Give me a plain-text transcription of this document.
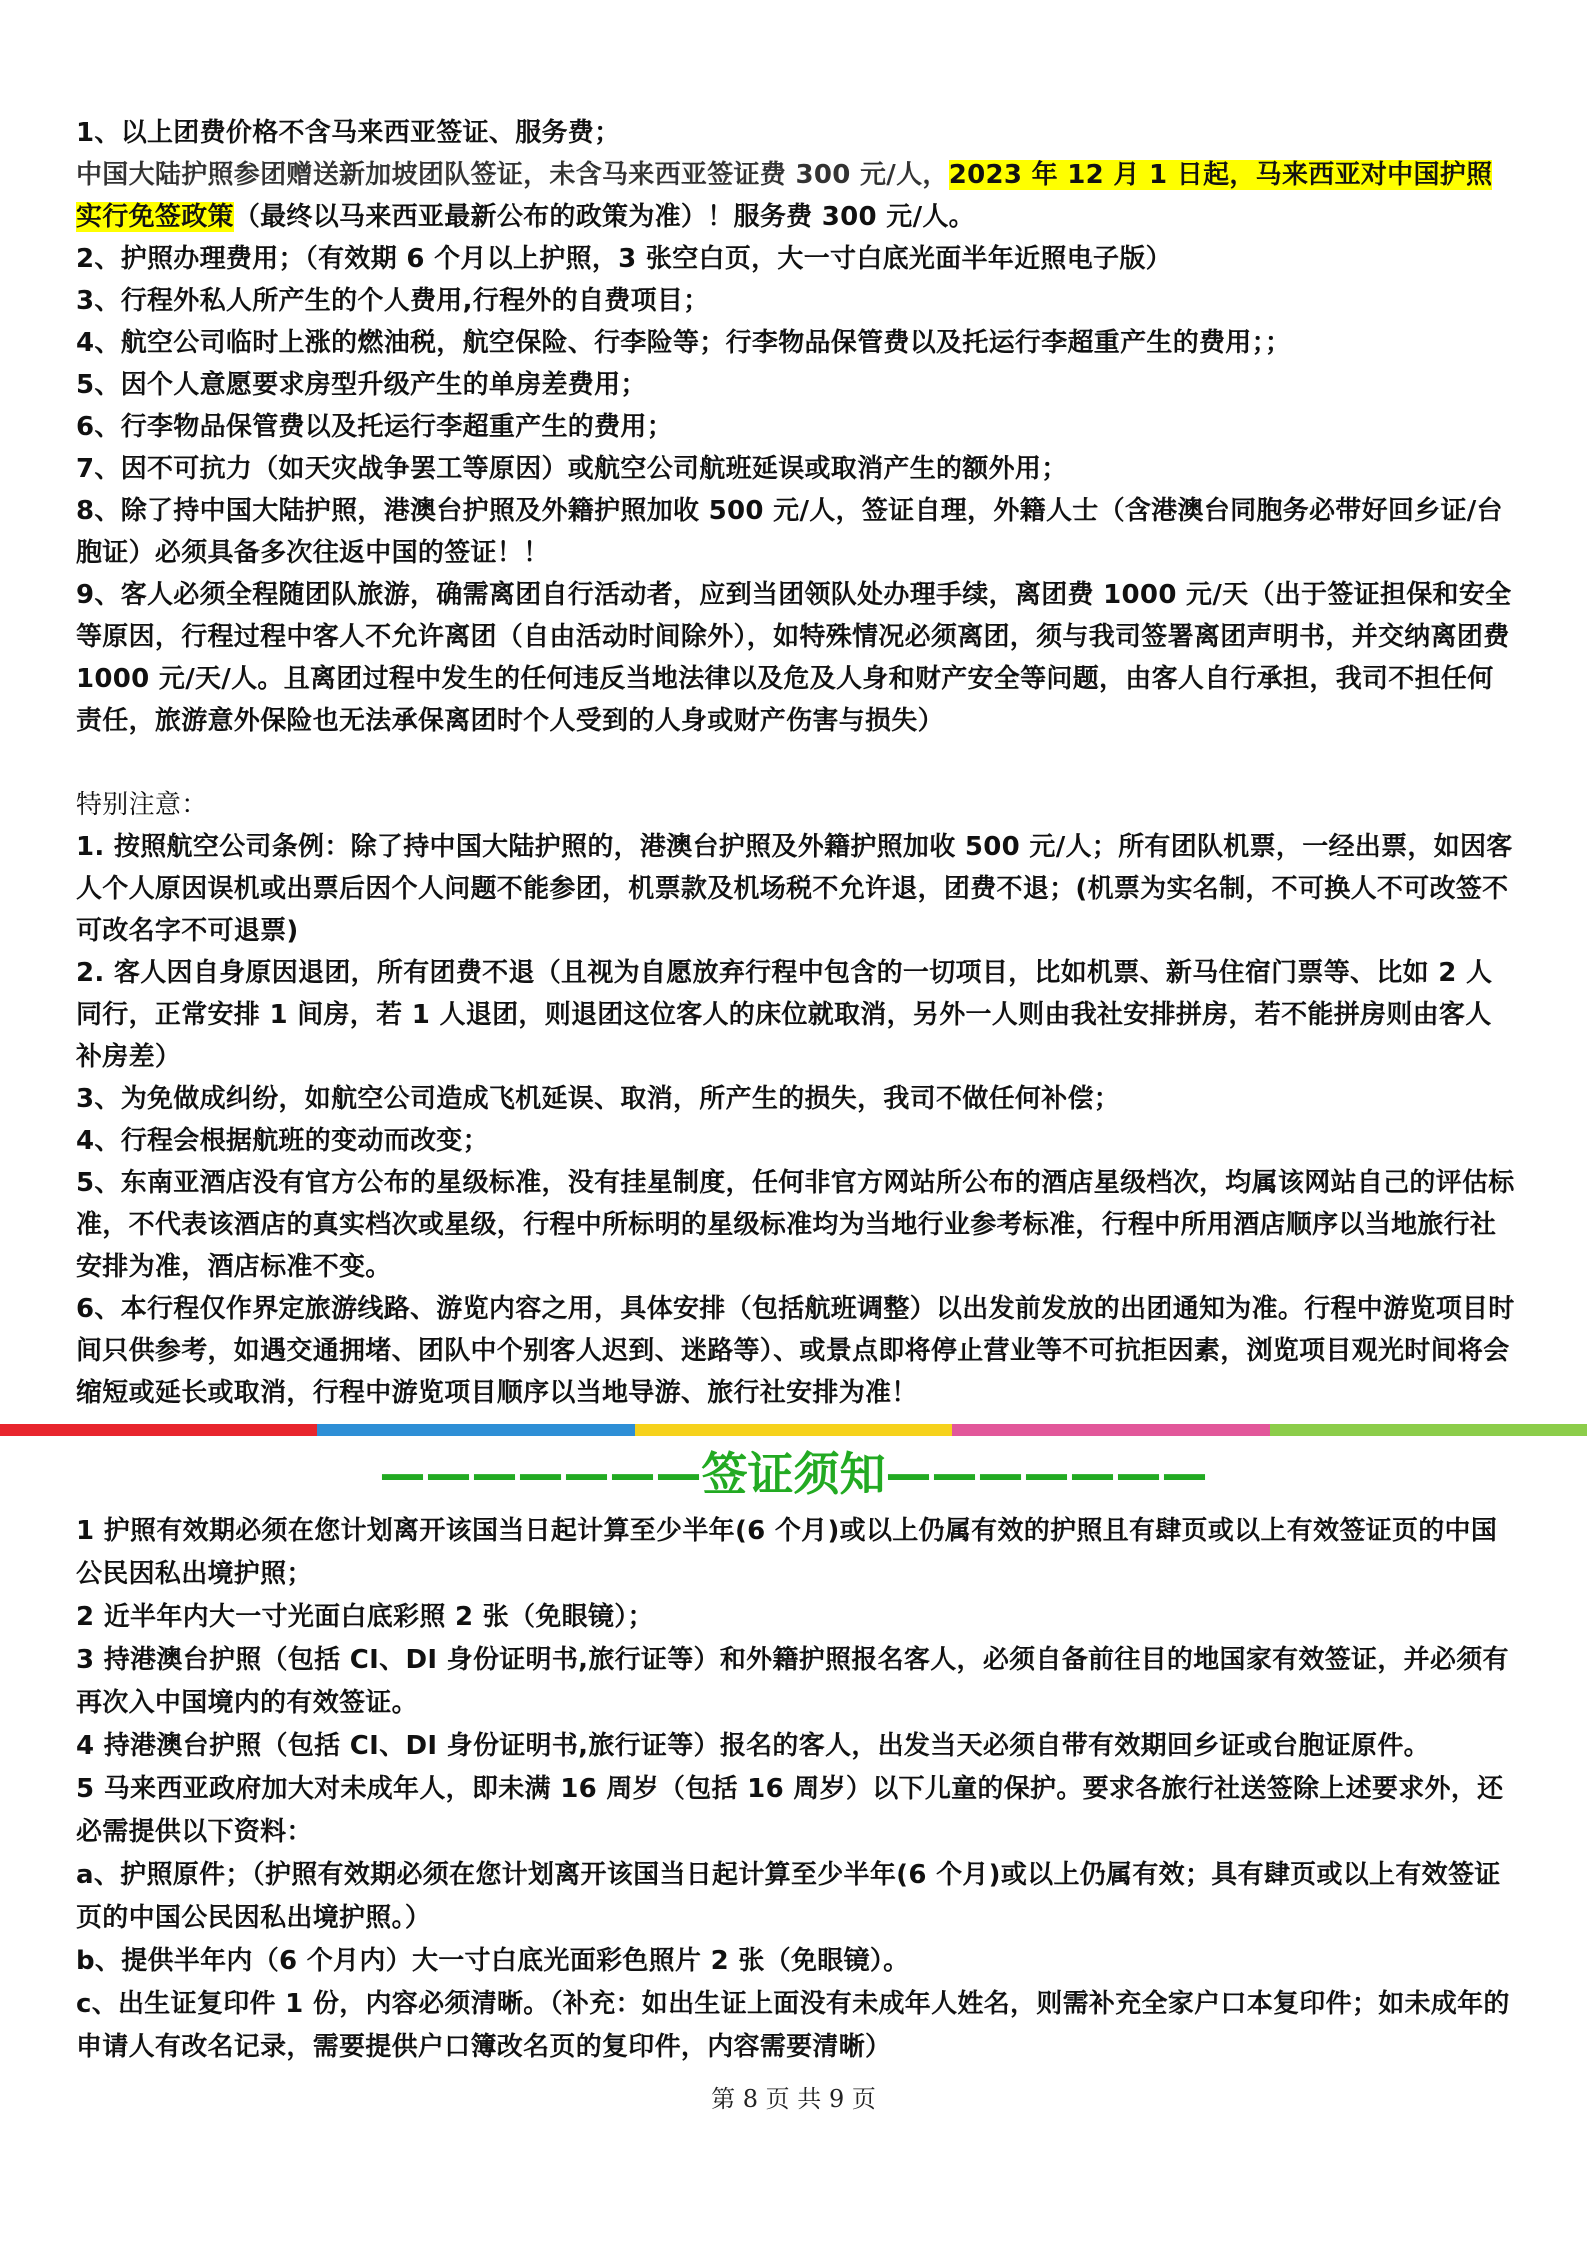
1、以上团费价格不含马来西亚签证、服务费；

中国大陆护照参团赠送新加坡团队签证，未含马来西亚签证费 300 元/人，2023 年 12 月 1 日起，马来西亚对中国护照实行免签政策（最终以马来西亚最新公布的政策为准）！服务费 300 元/人。

2、护照办理费用；（有效期 6 个月以上护照，3 张空白页，大一寸白底光面半年近照电子版）

3、行程外私人所产生的个人费用,行程外的自费项目；

4、航空公司临时上涨的燃油税，航空保险、行李险等；行李物品保管费以及托运行李超重产生的费用；；

5、因个人意愿要求房型升级产生的单房差费用；

6、行李物品保管费以及托运行李超重产生的费用；

7、因不可抗力（如天灾战争罢工等原因）或航空公司航班延误或取消产生的额外用；

8、除了持中国大陆护照，港澳台护照及外籍护照加收 500 元/人，签证自理，外籍人士（含港澳台同胞务必带好回乡证/台胞证）必须具备多次往返中国的签证！！

9、客人必须全程随团队旅游，确需离团自行活动者，应到当团领队处办理手续，离团费 1000 元/天（出于签证担保和安全等原因，行程过程中客人不允许离团（自由活动时间除外），如特殊情况必须离团，须与我司签署离团声明书，并交纳离团费 1000 元/天/人。且离团过程中发生的任何违反当地法律以及危及人身和财产安全等问题，由客人自行承担，我司不担任何责任，旅游意外保险也无法承保离团时个人受到的人身或财产伤害与损失）

特别注意：

1. 按照航空公司条例：除了持中国大陆护照的，港澳台护照及外籍护照加收 500 元/人；所有团队机票，一经出票，如因客人个人原因误机或出票后因个人问题不能参团，机票款及机场税不允许退，团费不退；(机票为实名制，不可换人不可改签不可改名字不可退票)

2. 客人因自身原因退团，所有团费不退（且视为自愿放弃行程中包含的一切项目，比如机票、新马住宿门票等、比如 2 人同行，正常安排 1 间房，若 1 人退团，则退团这位客人的床位就取消，另外一人则由我社安排拼房，若不能拼房则由客人补房差）

3、为免做成纠纷，如航空公司造成飞机延误、取消，所产生的损失，我司不做任何补偿；

4、行程会根据航班的变动而改变；

5、东南亚酒店没有官方公布的星级标准，没有挂星制度，任何非官方网站所公布的酒店星级档次，均属该网站自己的评估标准，不代表该酒店的真实档次或星级，行程中所标明的星级标准均为当地行业参考标准，行程中所用酒店顺序以当地旅行社安排为准，酒店标准不变。

6、本行程仅作界定旅游线路、游览内容之用，具体安排（包括航班调整）以出发前发放的出团通知为准。行程中游览项目时间只供参考，如遇交通拥堵、团队中个别客人迟到、迷路等）、或景点即将停止营业等不可抗拒因素，浏览项目观光时间将会缩短或延长或取消，行程中游览项目顺序以当地导游、旅行社安排为准！

———————签证须知———————

1 护照有效期必须在您计划离开该国当日起计算至少半年(6 个月)或以上仍属有效的护照且有肆页或以上有效签证页的中国公民因私出境护照；

2 近半年内大一寸光面白底彩照 2 张（免眼镜）；

3 持港澳台护照（包括 CI、DI 身份证明书,旅行证等）和外籍护照报名客人，必须自备前往目的地国家有效签证，并必须有再次入中国境内的有效签证。

4 持港澳台护照（包括 CI、DI 身份证明书,旅行证等）报名的客人，出发当天必须自带有效期回乡证或台胞证原件。

5 马来西亚政府加大对未成年人，即未满 16 周岁（包括 16 周岁）以下儿童的保护。要求各旅行社送签除上述要求外，还必需提供以下资料：

a、护照原件；（护照有效期必须在您计划离开该国当日起计算至少半年(6 个月)或以上仍属有效；具有肆页或以上有效签证页的中国公民因私出境护照。）

b、提供半年内（6 个月内）大一寸白底光面彩色照片 2 张（免眼镜）。

c、出生证复印件 1 份，内容必须清晰。（补充：如出生证上面没有未成年人姓名，则需补充全家户口本复印件；如未成年的申请人有改名记录，需要提供户口簿改名页的复印件，内容需要清晰）

第 8 页 共 9 页
